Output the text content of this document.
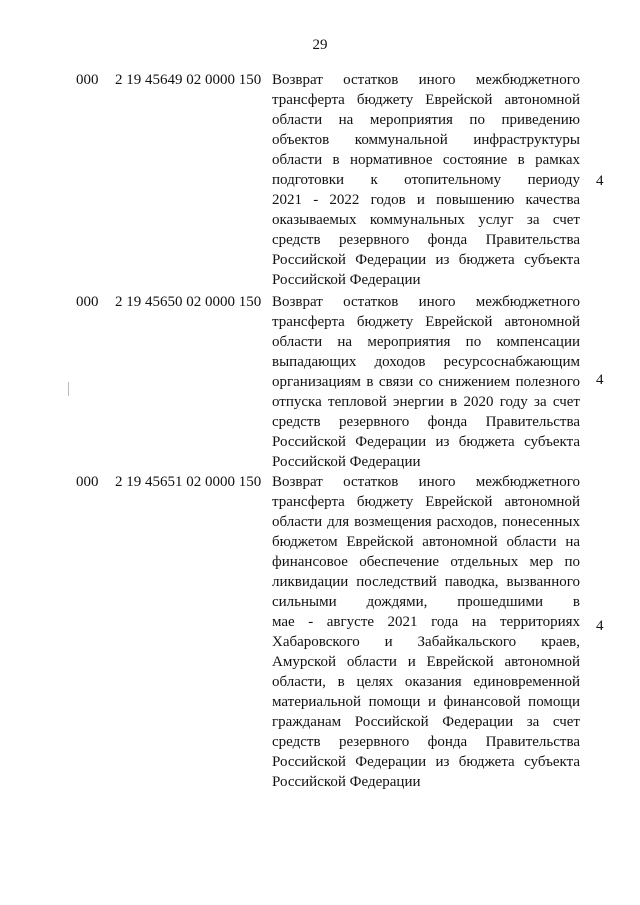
29
000 2 19 45649 02 0000 150 Возврат остатков иного межбюджетного
трансферта бюджету Еврейской автономной
области на мероприятия по приведению
объектов коммунальной инфраструктуры
области в нормативное состояние в рамках
подготовки к отопительному периоду
2021 - 2022 годов и повышению качества
оказываемых коммунальных услуг за счет
средств резервного фонда Правительства
Российской Федерации из бюджета субъекта
Российской Федерации
4
000 2 19 45650 02 0000 150 Возврат остатков иного межбюджетного
трансферта бюджету Еврейской автономной
области на мероприятия по компенсации
выпадающих доходов ресурсоснабжающим
организациям в связи со снижением полезного
отпуска тепловой энергии в 2020 году за счет
средств резервного фонда Правительства
Российской Федерации из бюджета субъекта
Российской Федерации
4
000 2 19 45651 02 0000 150 Возврат остатков иного межбюджетного
трансферта бюджету Еврейской автономной
области для возмещения расходов, понесенных
бюджетом Еврейской автономной области на
финансовое обеспечение отдельных мер по
ликвидации последствий паводка, вызванного
сильными дождями, прошедшими в
мае - августе 2021 года на территориях
Хабаровского и Забайкальского краев,
Амурской области и Еврейской автономной
области, в целях оказания единовременной
материальной помощи и финансовой помощи
гражданам Российской Федерации за счет
средств резервного фонда Правительства
Российской Федерации из бюджета субъекта
Российской Федерации
4
